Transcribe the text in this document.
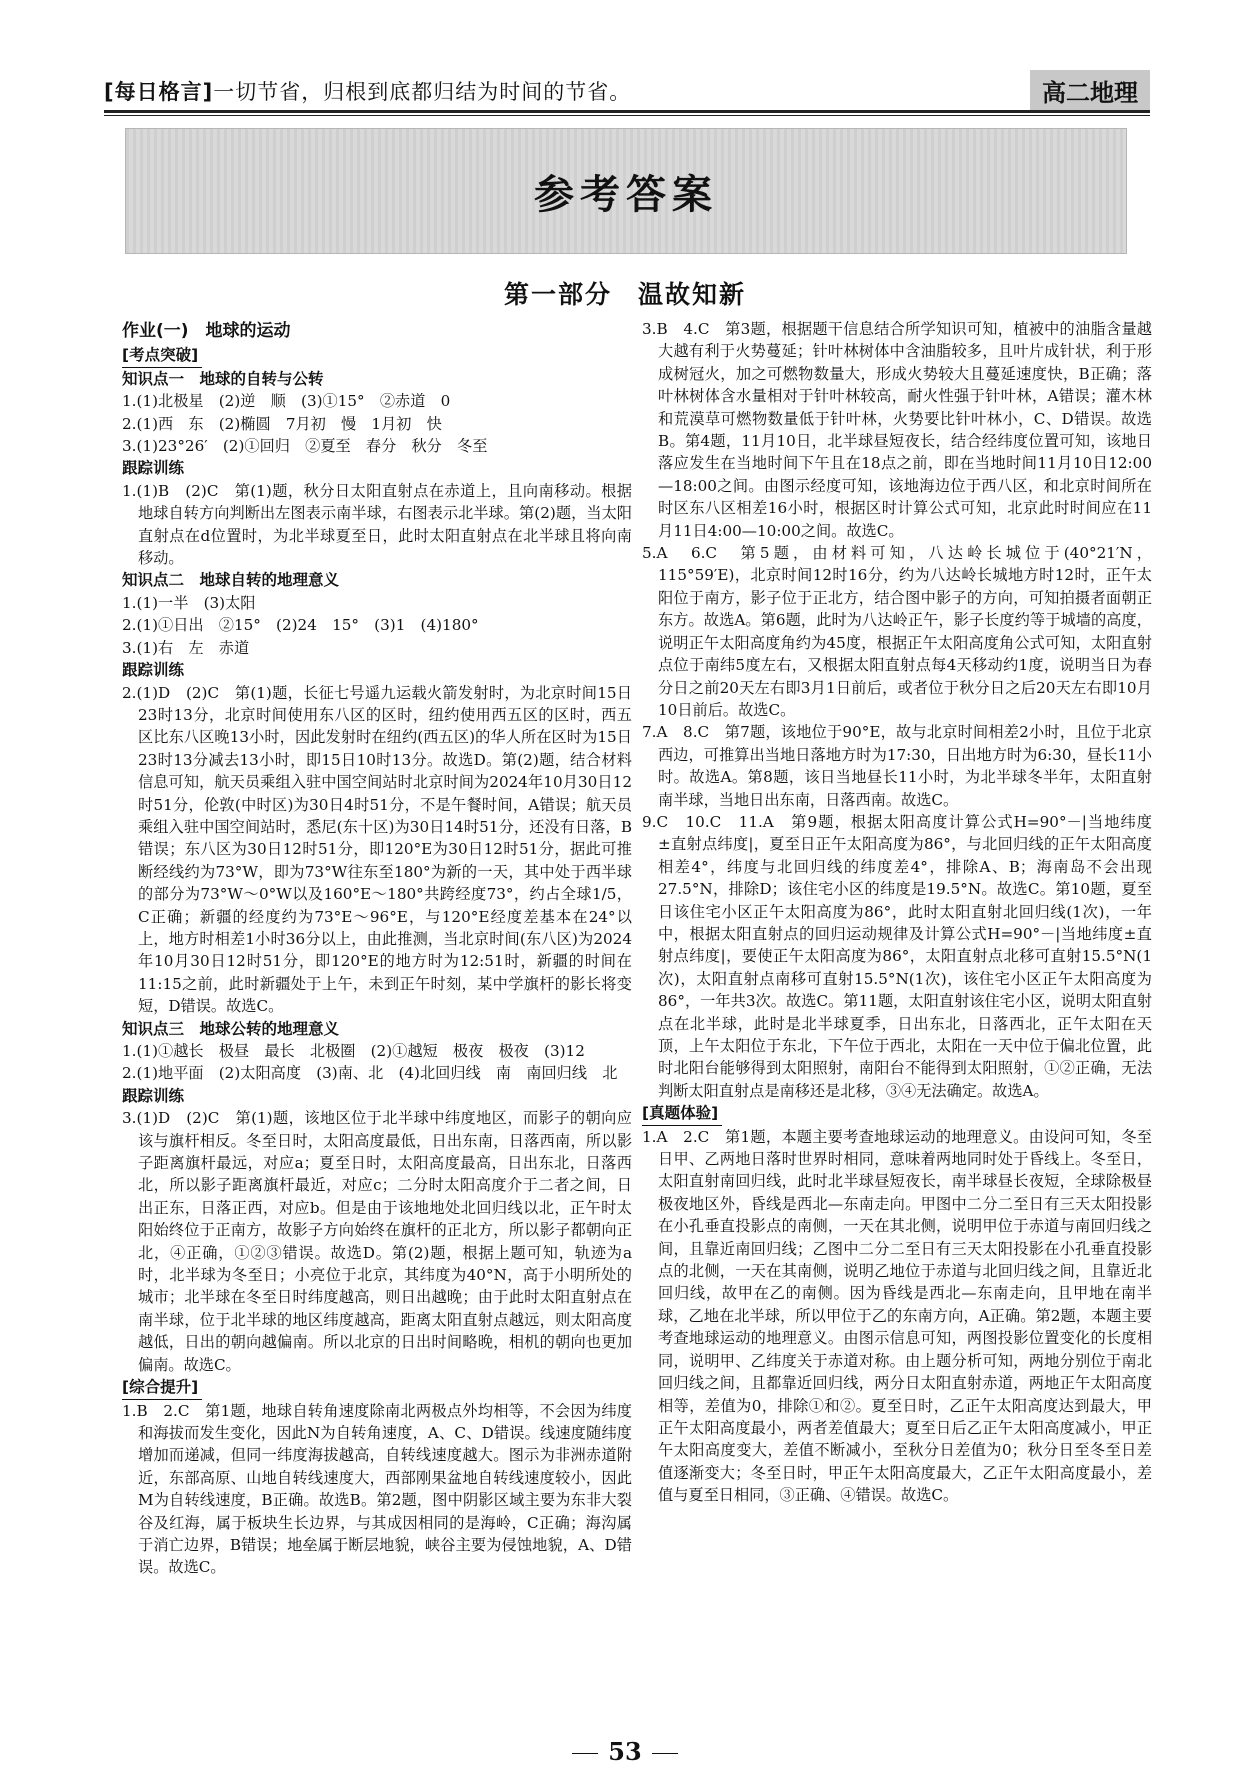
[每日格言]一切节省，归根到底都归结为时间的节省。	高二地理
参考答案
第一部分 温故知新

作业(一)　地球的运动

[ 考点突破 ]

知识点一　地球的自转与公转

1.(1)北极星　(2)逆　顺　(3)①15°　②赤道　0

2.(1)西　东　(2)椭圆　7月初　慢　1月初　快

3.(1)23°26′　(2)①回归　②夏至　春分　秋分　冬至

跟踪训练

1.(1)B　(2)C　第(1)题，秋分日太阳直射点在赤道上，且向南移动。根据地球自转方向判断出左图表示南半球，右图表示北半球。第(2)题，当太阳直射点在d位置时，为北半球夏至日，此时太阳直射点在北半球且将向南移动。

知识点二　地球自转的地理意义

1.(1)一半　(3)太阳

2.(1)①日出　②15°　(2)24　15°　(3)1　(4)180°

3.(1)右　左　赤道

跟踪训练

2.(1)D　(2)C　第(1)题，长征七号遥九运载火箭发射时，为北京时间15日23时13分，北京时间使用东八区的区时，纽约使用西五区的区时，西五区比东八区晚13小时，因此发射时在纽约(西五区)的华人所在区时为15日23时13分减去13小时，即15日10时13分。故选D。第(2)题，结合材料信息可知，航天员乘组入驻中国空间站时北京时间为2024年10月30日12时51分，伦敦(中时区)为30日4时51分，不是午餐时间，A错误；航天员乘组入驻中国空间站时，悉尼(东十区)为30日14时51分，还没有日落，B错误；东八区为30日12时51分，即120°E为30日12时51分，据此可推断经线约为73°W，即为73°W往东至180°为新的一天，其中处于西半球的部分为73°W～0°W以及160°E～180°共跨经度73°，约占全球1/5，C正确；新疆的经度约为73°E～96°E，与120°E经度差基本在24°以上，地方时相差1小时36分以上，由此推测，当北京时间(东八区)为2024年10月30日12时51分，即120°E的地方时为12:51时，新疆的时间在11:15之前，此时新疆处于上午，未到正午时刻，某中学旗杆的影长将变短，D错误。故选C。

知识点三　地球公转的地理意义

1.(1)①越长　极昼　最长　北极圈　(2)①越短　极夜　极夜　(3)12

2.(1)地平面　(2)太阳高度　(3)南、北　(4)北回归线　南　南回归线　北

跟踪训练

3.(1)D　(2)C　第(1)题，该地区位于北半球中纬度地区，而影子的朝向应该与旗杆相反。冬至日时，太阳高度最低，日出东南，日落西南，所以影子距离旗杆最远，对应a；夏至日时，太阳高度最高，日出东北，日落西北，所以影子距离旗杆最近，对应c；二分时太阳高度介于二者之间，日出正东，日落正西，对应b。但是由于该地地处北回归线以北，正午时太阳始终位于正南方，故影子方向始终在旗杆的正北方，所以影子都朝向正北，④正确，①②③错误。故选D。第(2)题，根据上题可知，轨迹为a时，北半球为冬至日；小亮位于北京，其纬度为40°N，高于小明所处的城市；北半球在冬至日时纬度越高，则日出越晚；由于此时太阳直射点在南半球，位于北半球的地区纬度越高，距离太阳直射点越远，则太阳高度越低，日出的朝向越偏南。所以北京的日出时间略晚，相机的朝向也更加偏南。故选C。

[ 综合提升 ]

1.B　2.C　第1题，地球自转角速度除南北两极点外均相等，不会因为纬度和海拔而发生变化，因此N为自转角速度，A、C、D错误。线速度随纬度增加而递减，但同一纬度海拔越高，自转线速度越大。图示为非洲赤道附近，东部高原、山地自转线速度大，西部刚果盆地自转线速度较小，因此M为自转线速度，B正确。故选B。第2题，图中阴影区域主要为东非大裂谷及红海，属于板块生长边界，与其成因相同的是海岭，C正确；海沟属于消亡边界，B错误；地垒属于断层地貌，峡谷主要为侵蚀地貌，A、D错误。故选C。

3.B　4.C　第3题，根据题干信息结合所学知识可知，植被中的油脂含量越大越有利于火势蔓延；针叶林树体中含油脂较多，且叶片成针状，利于形成树冠火，加之可燃物数量大，形成火势较大且蔓延速度快，B正确；落叶林树体含水量相对于针叶林较高，耐火性强于针叶林，A错误；灌木林和荒漠草可燃物数量低于针叶林，火势要比针叶林小，C、D错误。故选B。第4题，11月10日，北半球昼短夜长，结合经纬度位置可知，该地日落应发生在当地时间下午且在18点之前，即在当地时间11月10日12:00—18:00之间。由图示经度可知，该地海边位于西八区，和北京时间所在时区东八区相差16小时，根据区时计算公式可知，北京此时时间应在11月11日4:00—10:00之间。故选C。

5.A　6.C　第5题，由材料可知，八达岭长城位于(40°21′N，115°59′E)，北京时间12时16分，约为八达岭长城地方时12时，正午太阳位于南方，影子位于正北方，结合图中影子的方向，可知拍摄者面朝正东方。故选A。第6题，此时为八达岭正午，影子长度约等于城墙的高度，说明正午太阳高度角约为45度，根据正午太阳高度角公式可知，太阳直射点位于南纬5度左右，又根据太阳直射点每4天移动约1度，说明当日为春分日之前20天左右即3月1日前后，或者位于秋分日之后20天左右即10月10日前后。故选C。

7.A　8.C　第7题，该地位于90°E，故与北京时间相差2小时，且位于北京西边，可推算出当地日落地方时为17:30，日出地方时为6:30，昼长11小时。故选A。第8题，该日当地昼长11小时，为北半球冬半年，太阳直射南半球，当地日出东南，日落西南。故选C。

9.C　10.C　11.A　第9题，根据太阳高度计算公式H=90°－|当地纬度±直射点纬度|，夏至日正午太阳高度为86°，与北回归线的正午太阳高度相差4°，纬度与北回归线的纬度差4°，排除A、B；海南岛不会出现27.5°N，排除D；该住宅小区的纬度是19.5°N。故选C。第10题，夏至日该住宅小区正午太阳高度为86°，此时太阳直射北回归线(1次)，一年中，根据太阳直射点的回归运动规律及计算公式H=90°－|当地纬度±直射点纬度|，要使正午太阳高度为86°，太阳直射点北移可直射15.5°N(1次)，太阳直射点南移可直射15.5°N(1次)，该住宅小区正午太阳高度为86°，一年共3次。故选C。第11题，太阳直射该住宅小区，说明太阳直射点在北半球，此时是北半球夏季，日出东北，日落西北，正午太阳在天顶，上午太阳位于东北，下午位于西北，太阳在一天中位于偏北位置，此时北阳台能够得到太阳照射，南阳台不能得到太阳照射，①②正确，无法判断太阳直射点是南移还是北移，③④无法确定。故选A。

[ 真题体验 ]

1.A　2.C　第1题，本题主要考查地球运动的地理意义。由设问可知，冬至日甲、乙两地日落时世界时相同，意味着两地同时处于昏线上。冬至日，太阳直射南回归线，此时北半球昼短夜长，南半球昼长夜短，全球除极昼极夜地区外，昏线是西北—东南走向。甲图中二分二至日有三天太阳投影在小孔垂直投影点的南侧，一天在其北侧，说明甲位于赤道与南回归线之间，且靠近南回归线；乙图中二分二至日有三天太阳投影在小孔垂直投影点的北侧，一天在其南侧，说明乙地位于赤道与北回归线之间，且靠近北回归线，故甲在乙的南侧。因为昏线是西北—东南走向，且甲地在南半球，乙地在北半球，所以甲位于乙的东南方向，A正确。第2题，本题主要考查地球运动的地理意义。由图示信息可知，两图投影位置变化的长度相同，说明甲、乙纬度关于赤道对称。由上题分析可知，两地分别位于南北回归线之间，且都靠近回归线，两分日太阳直射赤道，两地正午太阳高度相等，差值为0，排除①和②。夏至日时，乙正午太阳高度达到最大，甲正午太阳高度最小，两者差值最大；夏至日后乙正午太阳高度减小，甲正午太阳高度变大，差值不断减小，至秋分日差值为0；秋分日至冬至日差值逐渐变大；冬至日时，甲正午太阳高度最大，乙正午太阳高度最小，差值与夏至日相同，③正确、④错误。故选C。

53
